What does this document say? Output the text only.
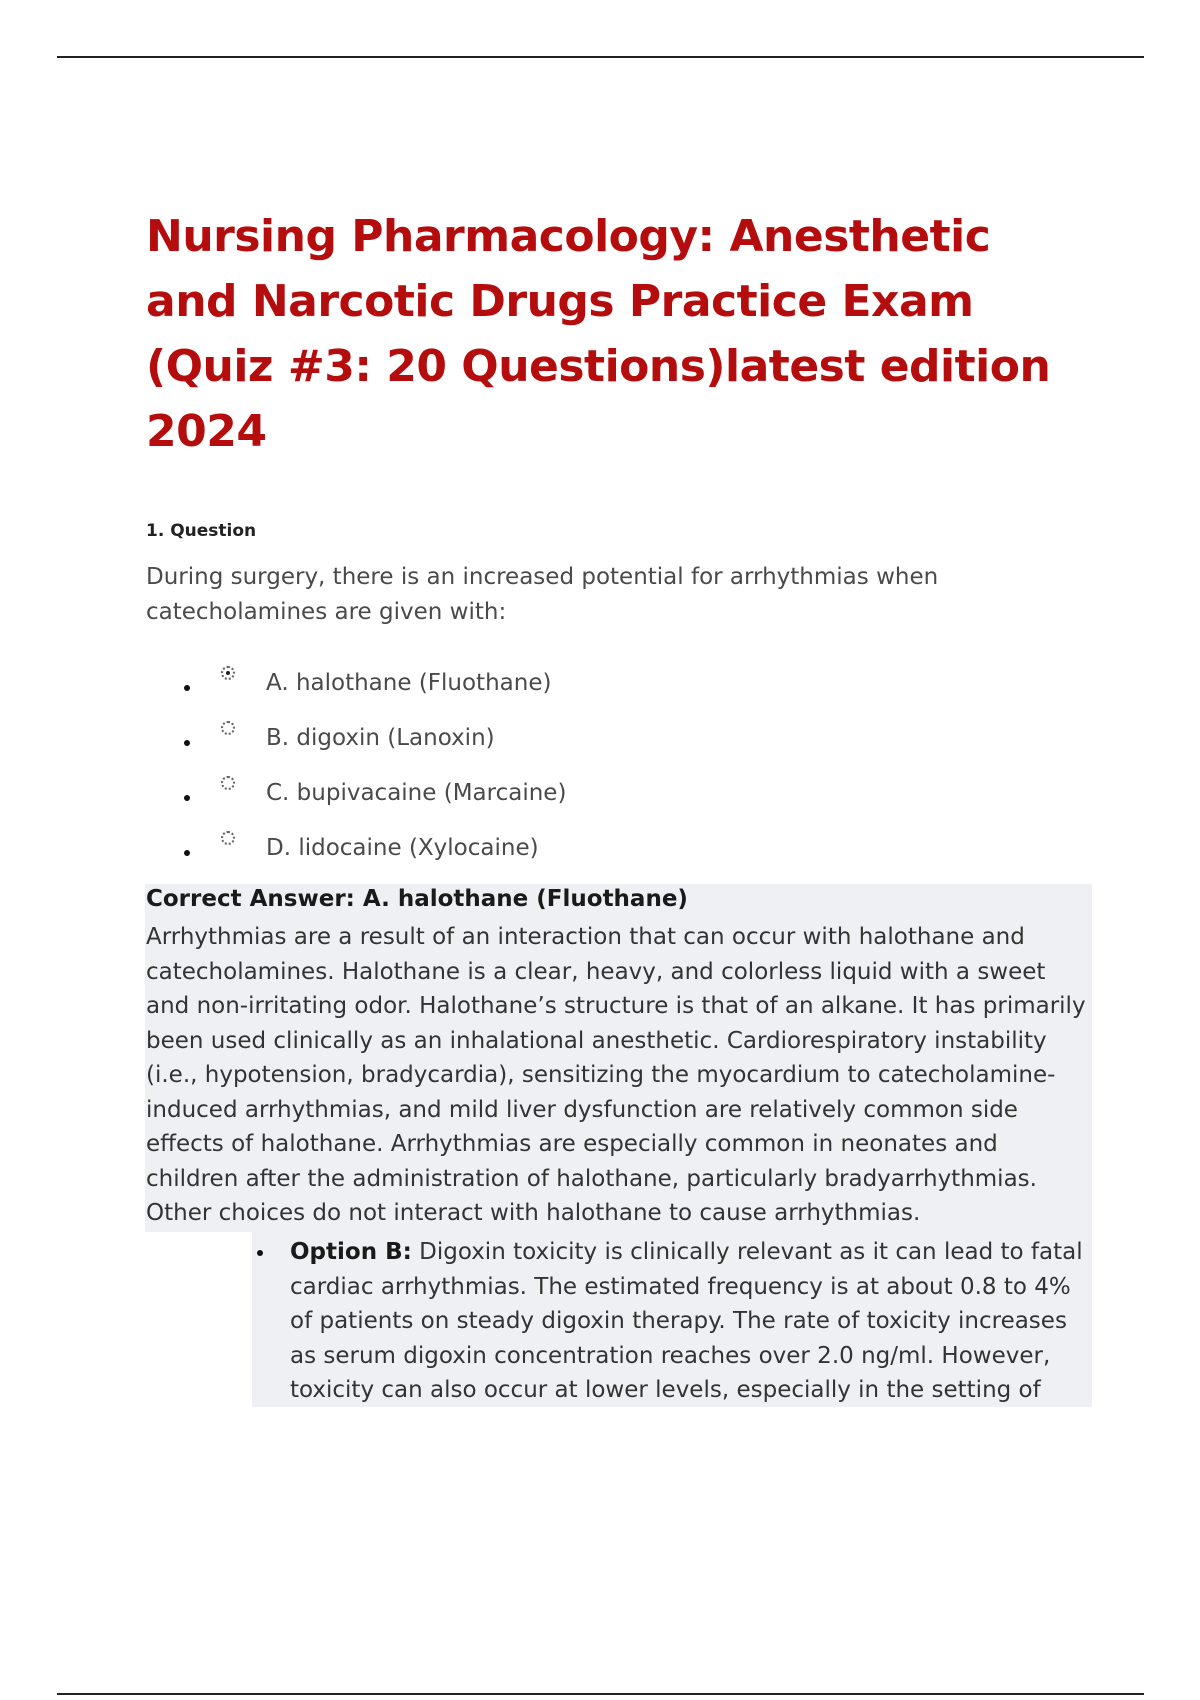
Nursing Pharmacology: Anesthetic and Narcotic Drugs Practice Exam (Quiz #3: 20 Questions)latest edition 2024
1. Question

During surgery, there is an increased potential for arrhythmias when catecholamines are given with:

A. halothane (Fluothane)
B. digoxin (Lanoxin)
C. bupivacaine (Marcaine)
D. lidocaine (Xylocaine)
Correct Answer: A. halothane (Fluothane)

Arrhythmias are a result of an interaction that can occur with halothane and catecholamines. Halothane is a clear, heavy, and colorless liquid with a sweet and non-irritating odor. Halothane’s structure is that of an alkane. It has primarily been used clinically as an inhalational anesthetic. Cardiorespiratory instability (i.e., hypotension, bradycardia), sensitizing the myocardium to catecholamine-induced arrhythmias, and mild liver dysfunction are relatively common side effects of halothane. Arrhythmias are especially common in neonates and children after the administration of halothane, particularly bradyarrhythmias. Other choices do not interact with halothane to cause arrhythmias.

Option B: Digoxin toxicity is clinically relevant as it can lead to fatal cardiac arrhythmias. The estimated frequency is at about 0.8 to 4% of patients on steady digoxin therapy. The rate of toxicity increases as serum digoxin concentration reaches over 2.0 ng/ml. However, toxicity can also occur at lower levels, especially in the setting of
